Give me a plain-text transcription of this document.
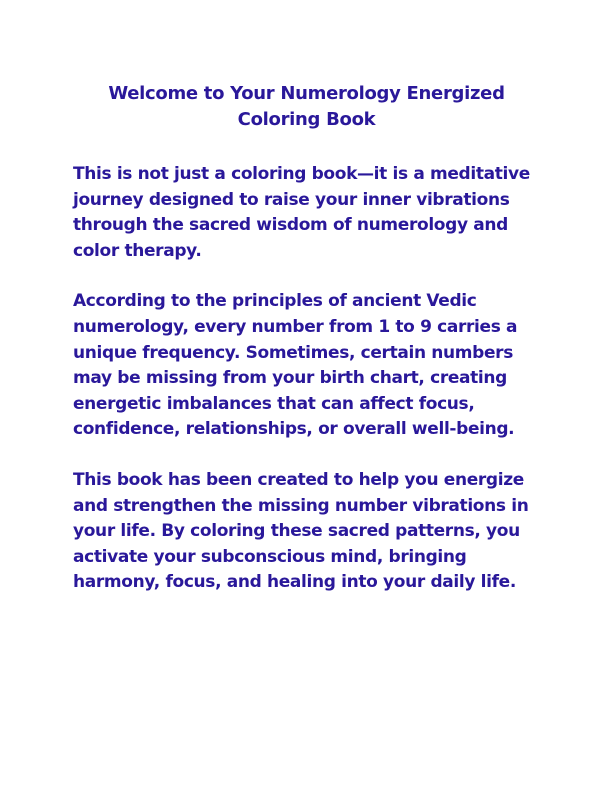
Welcome to Your Numerology Energized Coloring Book

This is not just a coloring book—it is a meditative journey designed to raise your inner vibrations through the sacred wisdom of numerology and color therapy.

According to the principles of ancient Vedic numerology, every number from 1 to 9 carries a unique frequency. Sometimes, certain numbers may be missing from your birth chart, creating energetic imbalances that can affect focus, confidence, relationships, or overall well-being.

This book has been created to help you energize and strengthen the missing number vibrations in your life. By coloring these sacred patterns, you activate your subconscious mind, bringing harmony, focus, and healing into your daily life.
